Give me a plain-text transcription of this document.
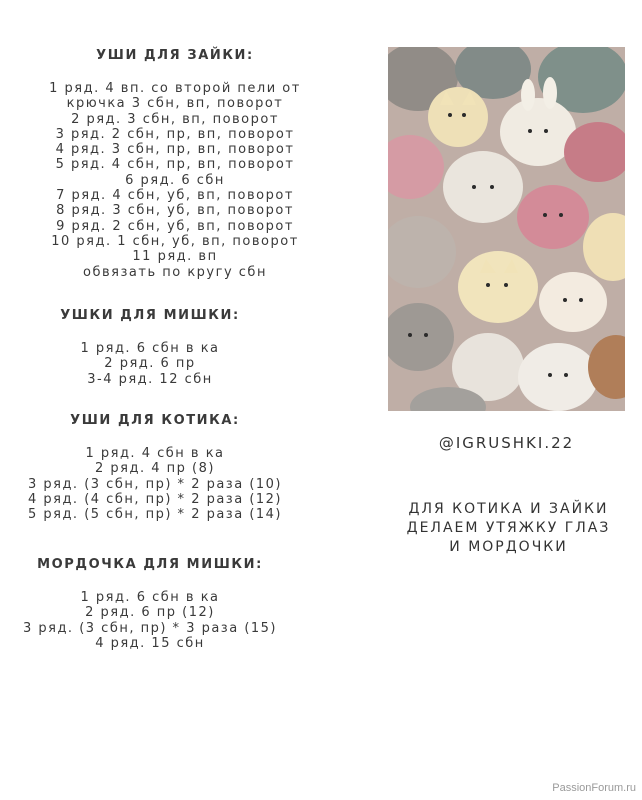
УШИ ДЛЯ ЗАЙКИ:
1 ряд. 4 вп. со второй пели от
крючка 3 сбн, вп, поворот
2 ряд. 3 сбн, вп, поворот
3 ряд. 2 сбн, пр, вп, поворот
4 ряд. 3 сбн, пр, вп, поворот
5 ряд. 4 сбн, пр, вп, поворот
6 ряд. 6 сбн
7 ряд. 4 сбн, уб, вп, поворот
8 ряд. 3 сбн, уб, вп, поворот
9 ряд. 2 сбн, уб, вп, поворот
10 ряд. 1 сбн, уб, вп, поворот
11 ряд. вп
обвязать по кругу сбн
УШКИ ДЛЯ МИШКИ:
1 ряд. 6 сбн в ка
2 ряд. 6 пр
3-4 ряд. 12 сбн
УШИ ДЛЯ КОТИКА:
1 ряд. 4 сбн в ка
2 ряд. 4 пр (8)
3 ряд. (3 сбн, пр) * 2 раза (10)
4 ряд. (4 сбн, пр) * 2 раза (12)
5 ряд. (5 сбн, пр) * 2 раза (14)
МОРДОЧКА ДЛЯ МИШКИ:
1 ряд. 6 сбн в ка
2 ряд. 6 пр (12)
3 ряд. (3 сбн, пр) * 3 раза (15)
4 ряд. 15 сбн
@IGRUSHKI.22
ДЛЯ КОТИКА И ЗАЙКИ
ДЕЛАЕМ УТЯЖКУ ГЛАЗ
И МОРДОЧКИ
PassionForum.ru
